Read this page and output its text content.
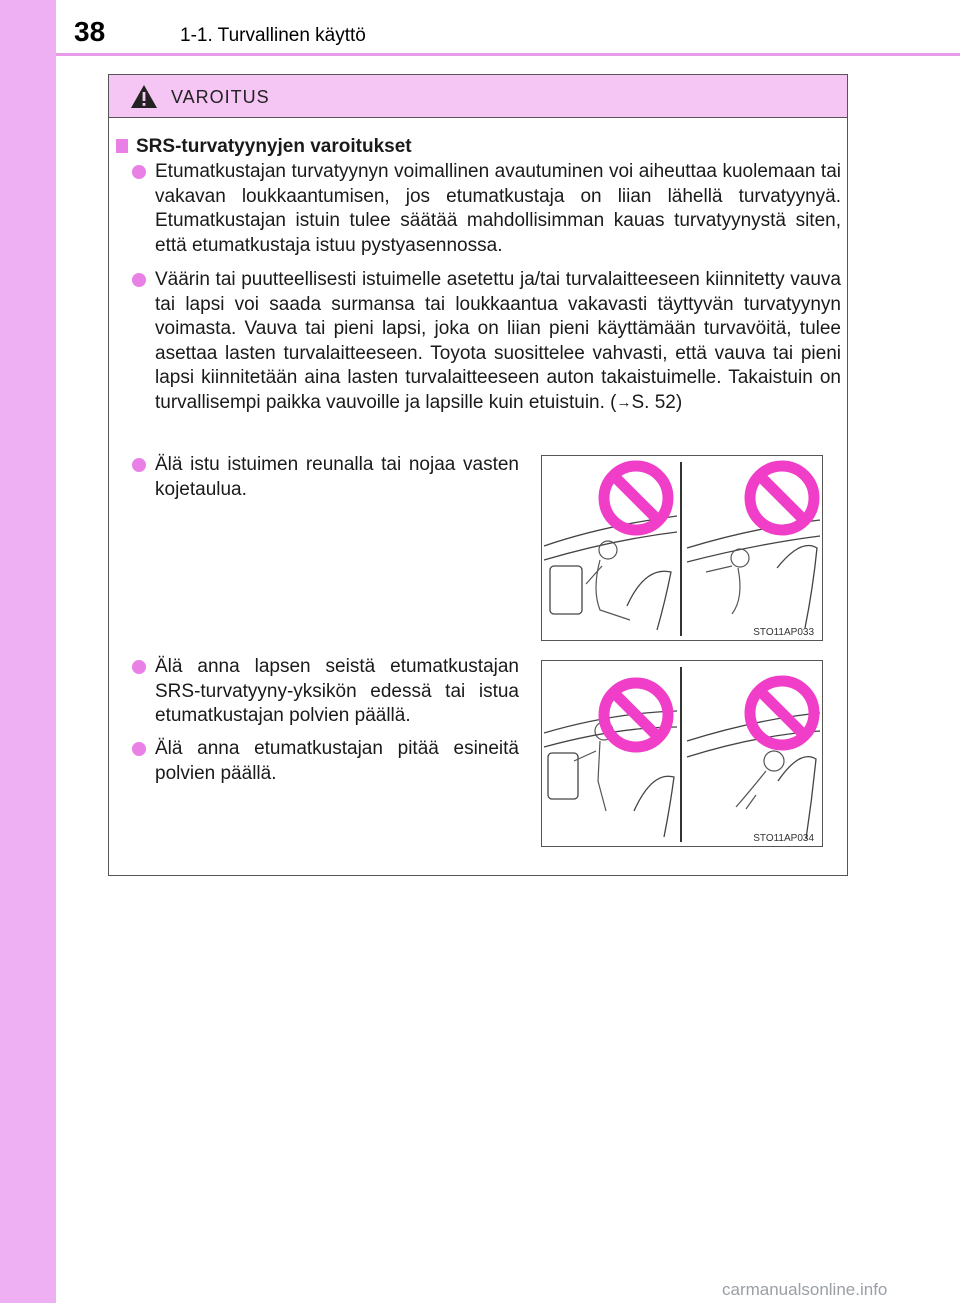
38	1-1. Turvallinen käyttö
VAROITUS
SRS-turvatyynyjen varoitukset
Etumatkustajan turvatyynyn voimallinen avautuminen voi aiheuttaa kuolemaan tai vakavan loukkaantumisen, jos etumatkustaja on liian lähellä turvatyynyä. Etumatkustajan istuin tulee säätää mahdollisimman kauas turvatyynystä siten, että etumatkustaja istuu pystyasennossa.
Väärin tai puutteellisesti istuimelle asetettu ja/tai turvalaitteeseen kiinnitetty vauva tai lapsi voi saada surmansa tai loukkaantua vakavasti täyttyvän turvatyynyn voimasta. Vauva tai pieni lapsi, joka on liian pieni käyttämään turvavöitä, tulee asettaa lasten turvalaitteeseen. Toyota suosittelee vahvasti, että vauva tai pieni lapsi kiinnitetään aina lasten turvalaitteeseen auton takaistuimelle. Takaistuin on turvallisempi paikka vauvoille ja lapsille kuin etuistuin. (→S. 52)
Älä istu istuimen reunalla tai nojaa vasten kojetaulua.
Älä anna lapsen seistä etumatkustajan SRS-turvatyyny-yksikön edessä tai istua etumatkustajan polvien päällä.
Älä anna etumatkustajan pitää esineitä polvien päällä.
STO11AP033
STO11AP034
carmanualsonline.info
